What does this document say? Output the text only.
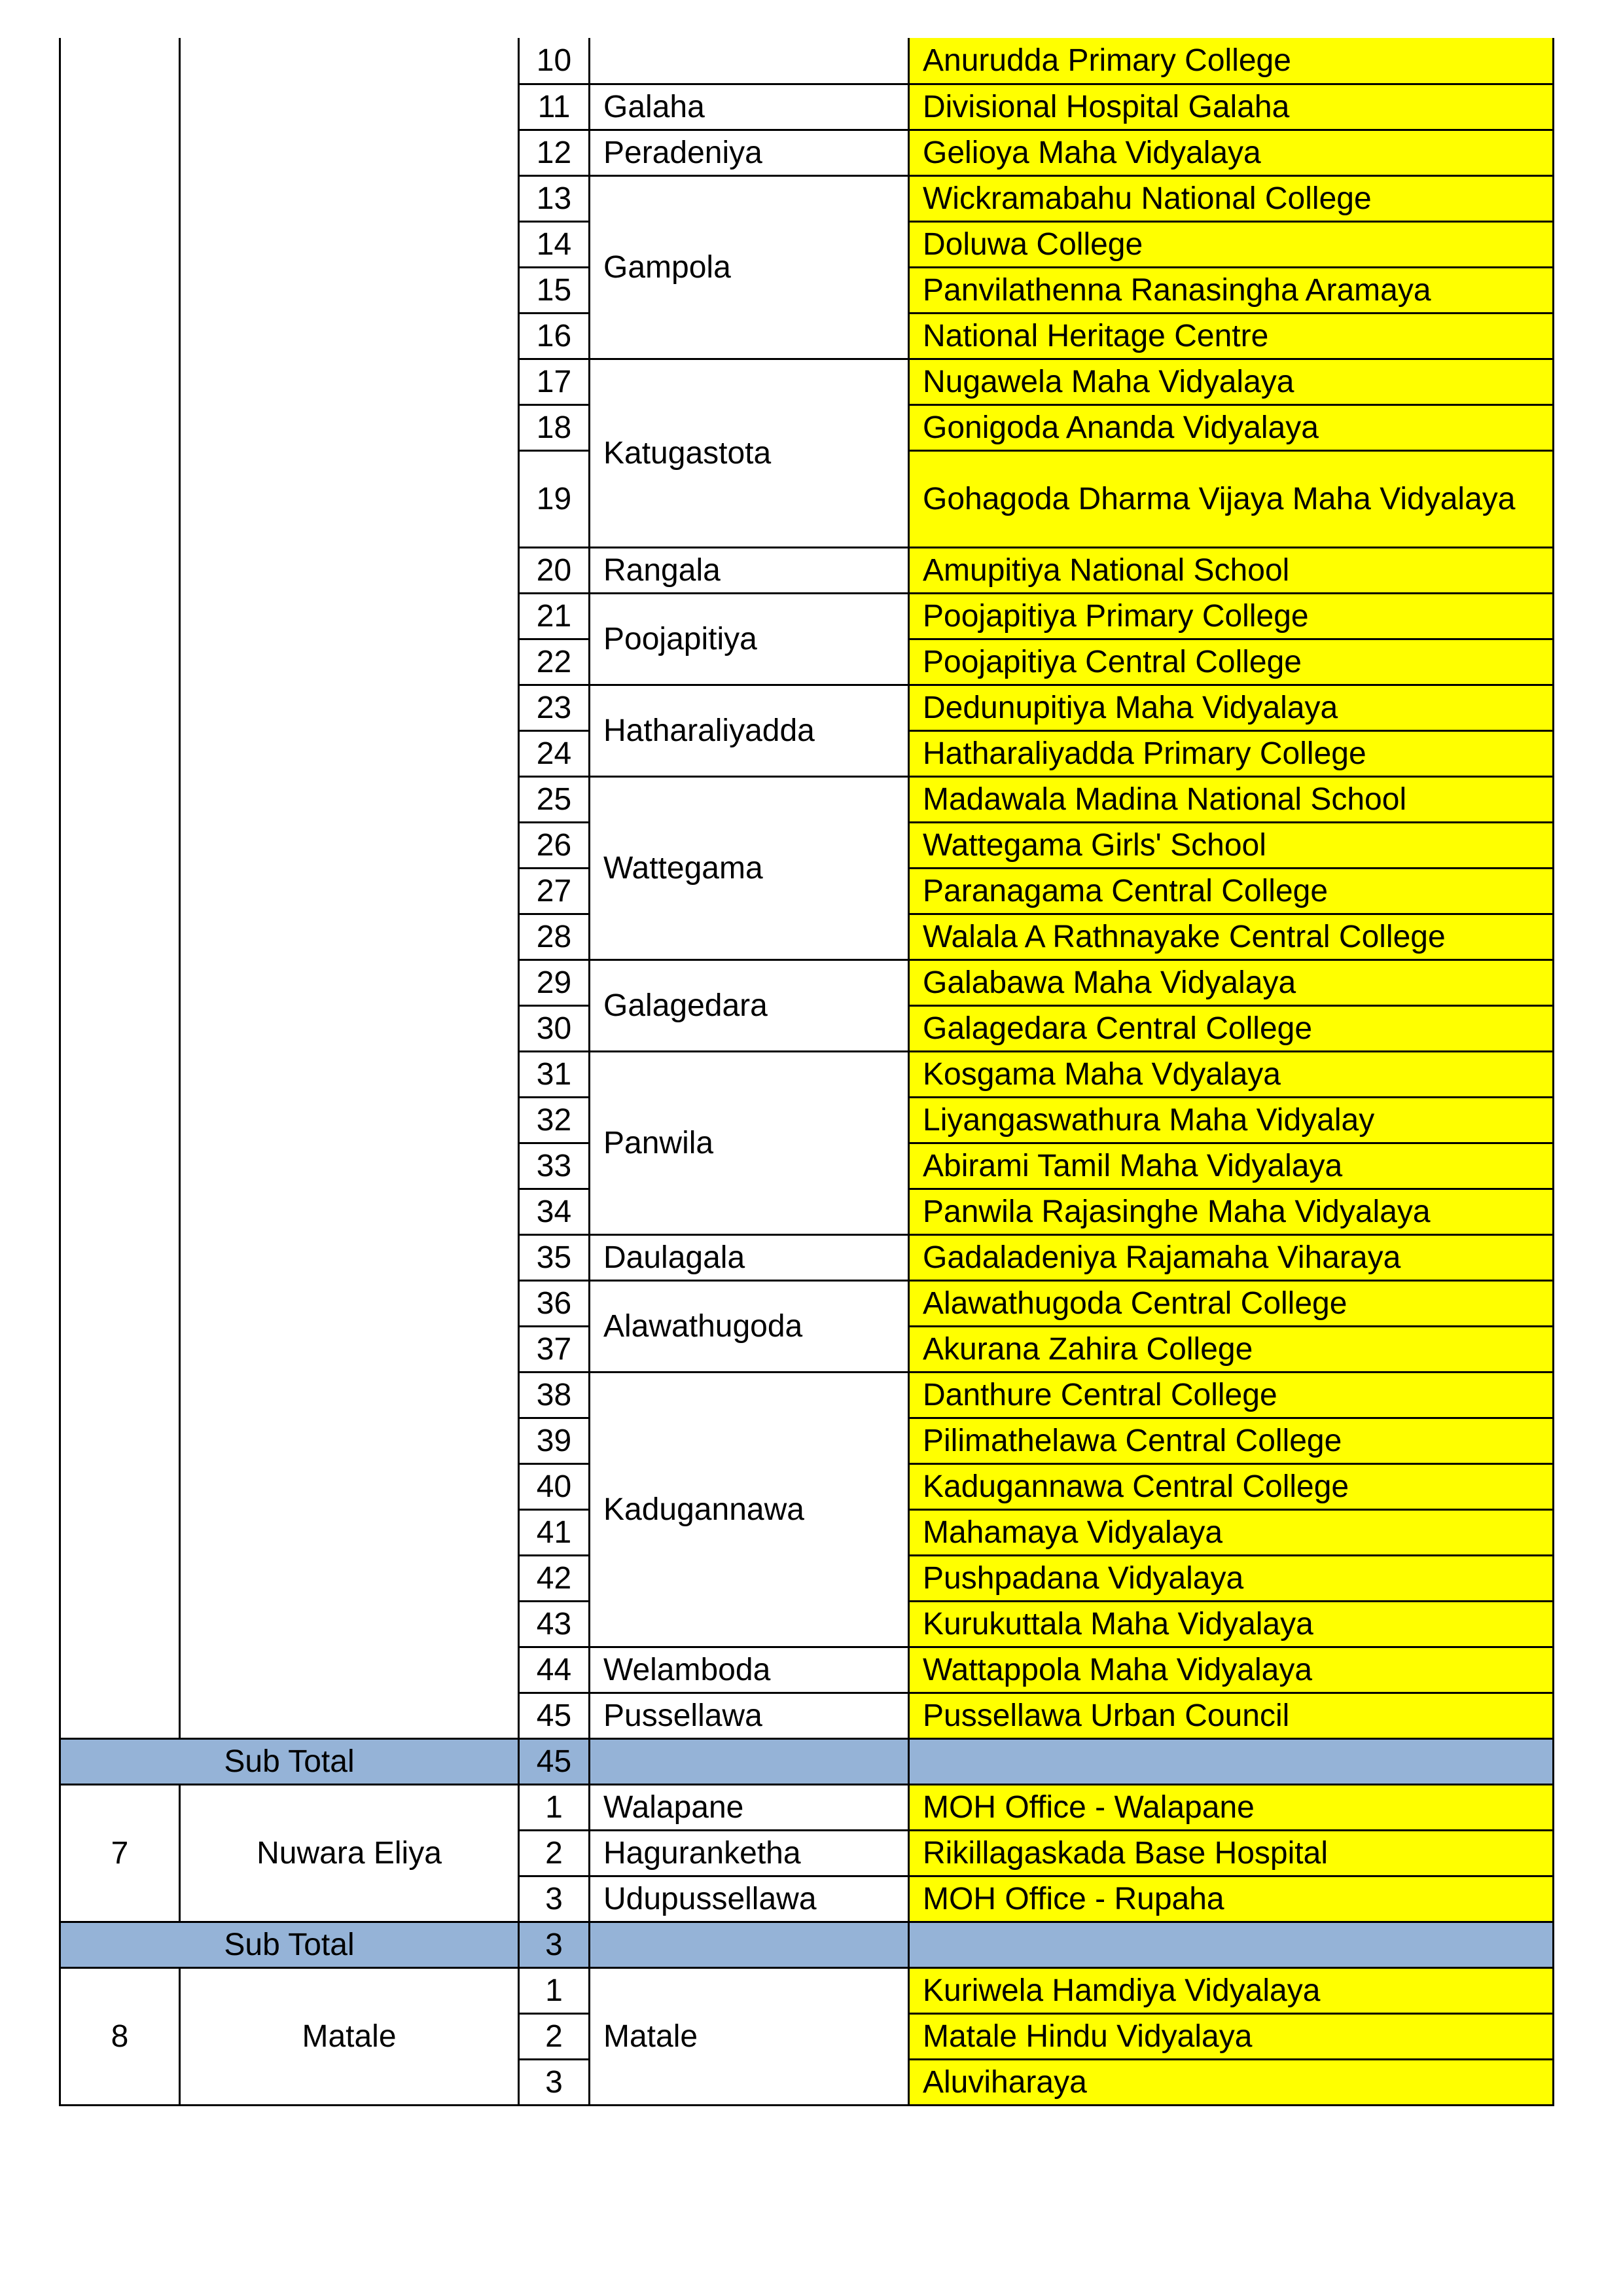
		10		Anurudda Primary College
		11	Galaha	Divisional Hospital Galaha
		12	Peradeniya	Gelioya Maha Vidyalaya
		13	Gampola	Wickramabahu National College
		14		Doluwa College
		15		Panvilathenna Ranasingha Aramaya
		16		National Heritage Centre
		17	Katugastota	Nugawela Maha Vidyalaya
		18		Gonigoda Ananda Vidyalaya
		19		Gohagoda Dharma Vijaya Maha Vidyalaya
		20	Rangala	Amupitiya National School
		21	Poojapitiya	Poojapitiya Primary College
		22		Poojapitiya Central College
		23	Hatharaliyadda	Dedunupitiya Maha Vidyalaya
		24		Hatharaliyadda Primary College
		25	Wattegama	Madawala Madina National School
		26		Wattegama Girls' School
		27		Paranagama Central College
		28		Walala A Rathnayake Central College
		29	Galagedara	Galabawa Maha Vidyalaya
		30		Galagedara Central College
		31	Panwila	Kosgama Maha Vdyalaya
		32		Liyangaswathura Maha Vidyalay
		33		Abirami Tamil Maha Vidyalaya
		34		Panwila Rajasinghe Maha Vidyalaya
		35	Daulagala	Gadaladeniya Rajamaha Viharaya
		36	Alawathugoda	Alawathugoda Central College
		37		Akurana Zahira College
		38	Kadugannawa	Danthure Central College
		39		Pilimathelawa Central College
		40		Kadugannawa Central College
		41		Mahamaya Vidyalaya
		42		Pushpadana Vidyalaya
		43		Kurukuttala Maha Vidyalaya
		44	Welamboda	Wattappola Maha Vidyalaya
		45	Pussellawa	Pussellawa Urban Council
Sub Total		45		
7	Nuwara Eliya	1	Walapane	MOH Office - Walapane
		2	Haguranketha	Rikillagaskada Base Hospital
		3	Udupussellawa	MOH Office - Rupaha
Sub Total		3		
8	Matale	1	Matale	Kuriwela Hamdiya Vidyalaya
		2		Matale Hindu Vidyalaya
		3		Aluviharaya
